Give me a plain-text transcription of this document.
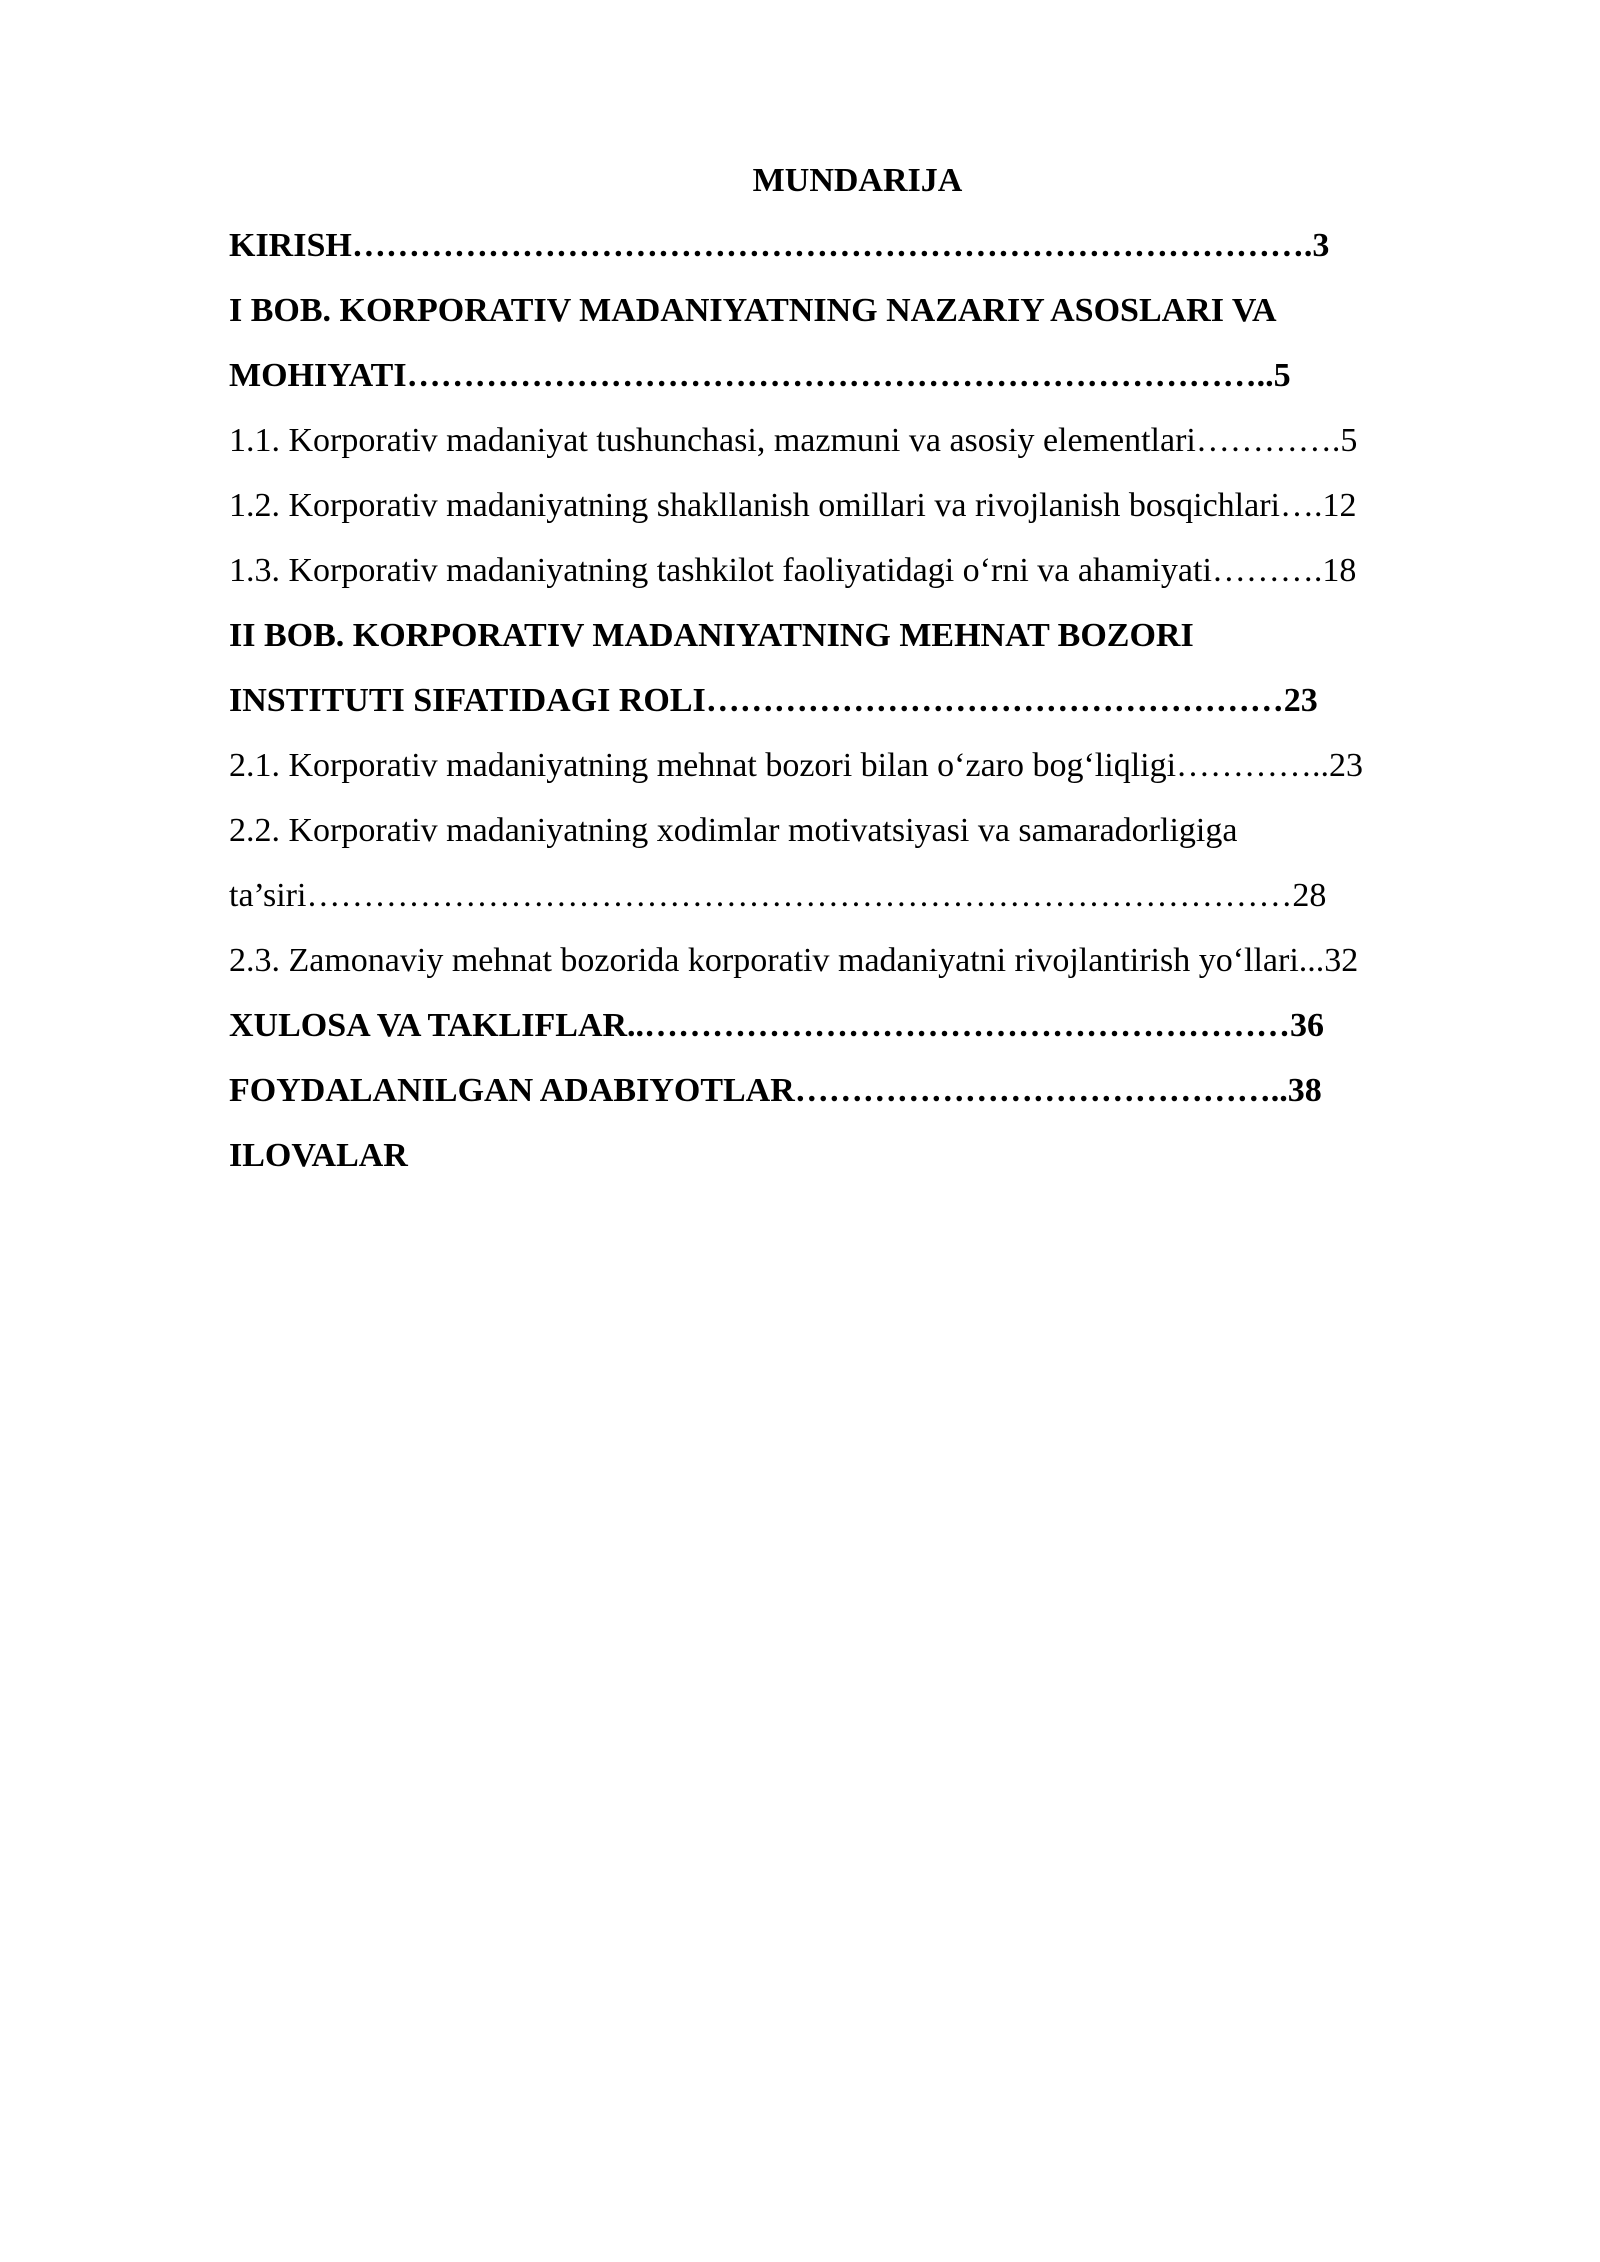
MUNDARIJA
KIRISH………………………………………………………………………….3
I BOB. KORPORATIV MADANIYATNING NAZARIY ASOSLARI VA
MOHIYATI…………………………………………………………………..5
1.1. Korporativ madaniyat tushunchasi, mazmuni va asosiy elementlari………….5
1.2. Korporativ madaniyatning shakllanish omillari va rivojlanish bosqichlari….12
1.3. Korporativ madaniyatning tashkilot faoliyatidagi o‘rni va ahamiyati……….18
II BOB. KORPORATIV MADANIYATNING MEHNAT BOZORI
INSTITUTI SIFATIDAGI ROLI……………………………………………23
2.1. Korporativ madaniyatning mehnat bozori bilan o‘zaro bog‘liqligi…………..23
2.2. Korporativ madaniyatning xodimlar motivatsiyasi va samaradorligiga
ta’siri……………………………………………………………………………28
2.3. Zamonaviy mehnat bozorida korporativ madaniyatni rivojlantirish yo‘llari...32
XULOSA VA TAKLIFLAR..…………………………………………………36
FOYDALANILGAN ADABIYOTLAR……………………………………..38
ILOVALAR
